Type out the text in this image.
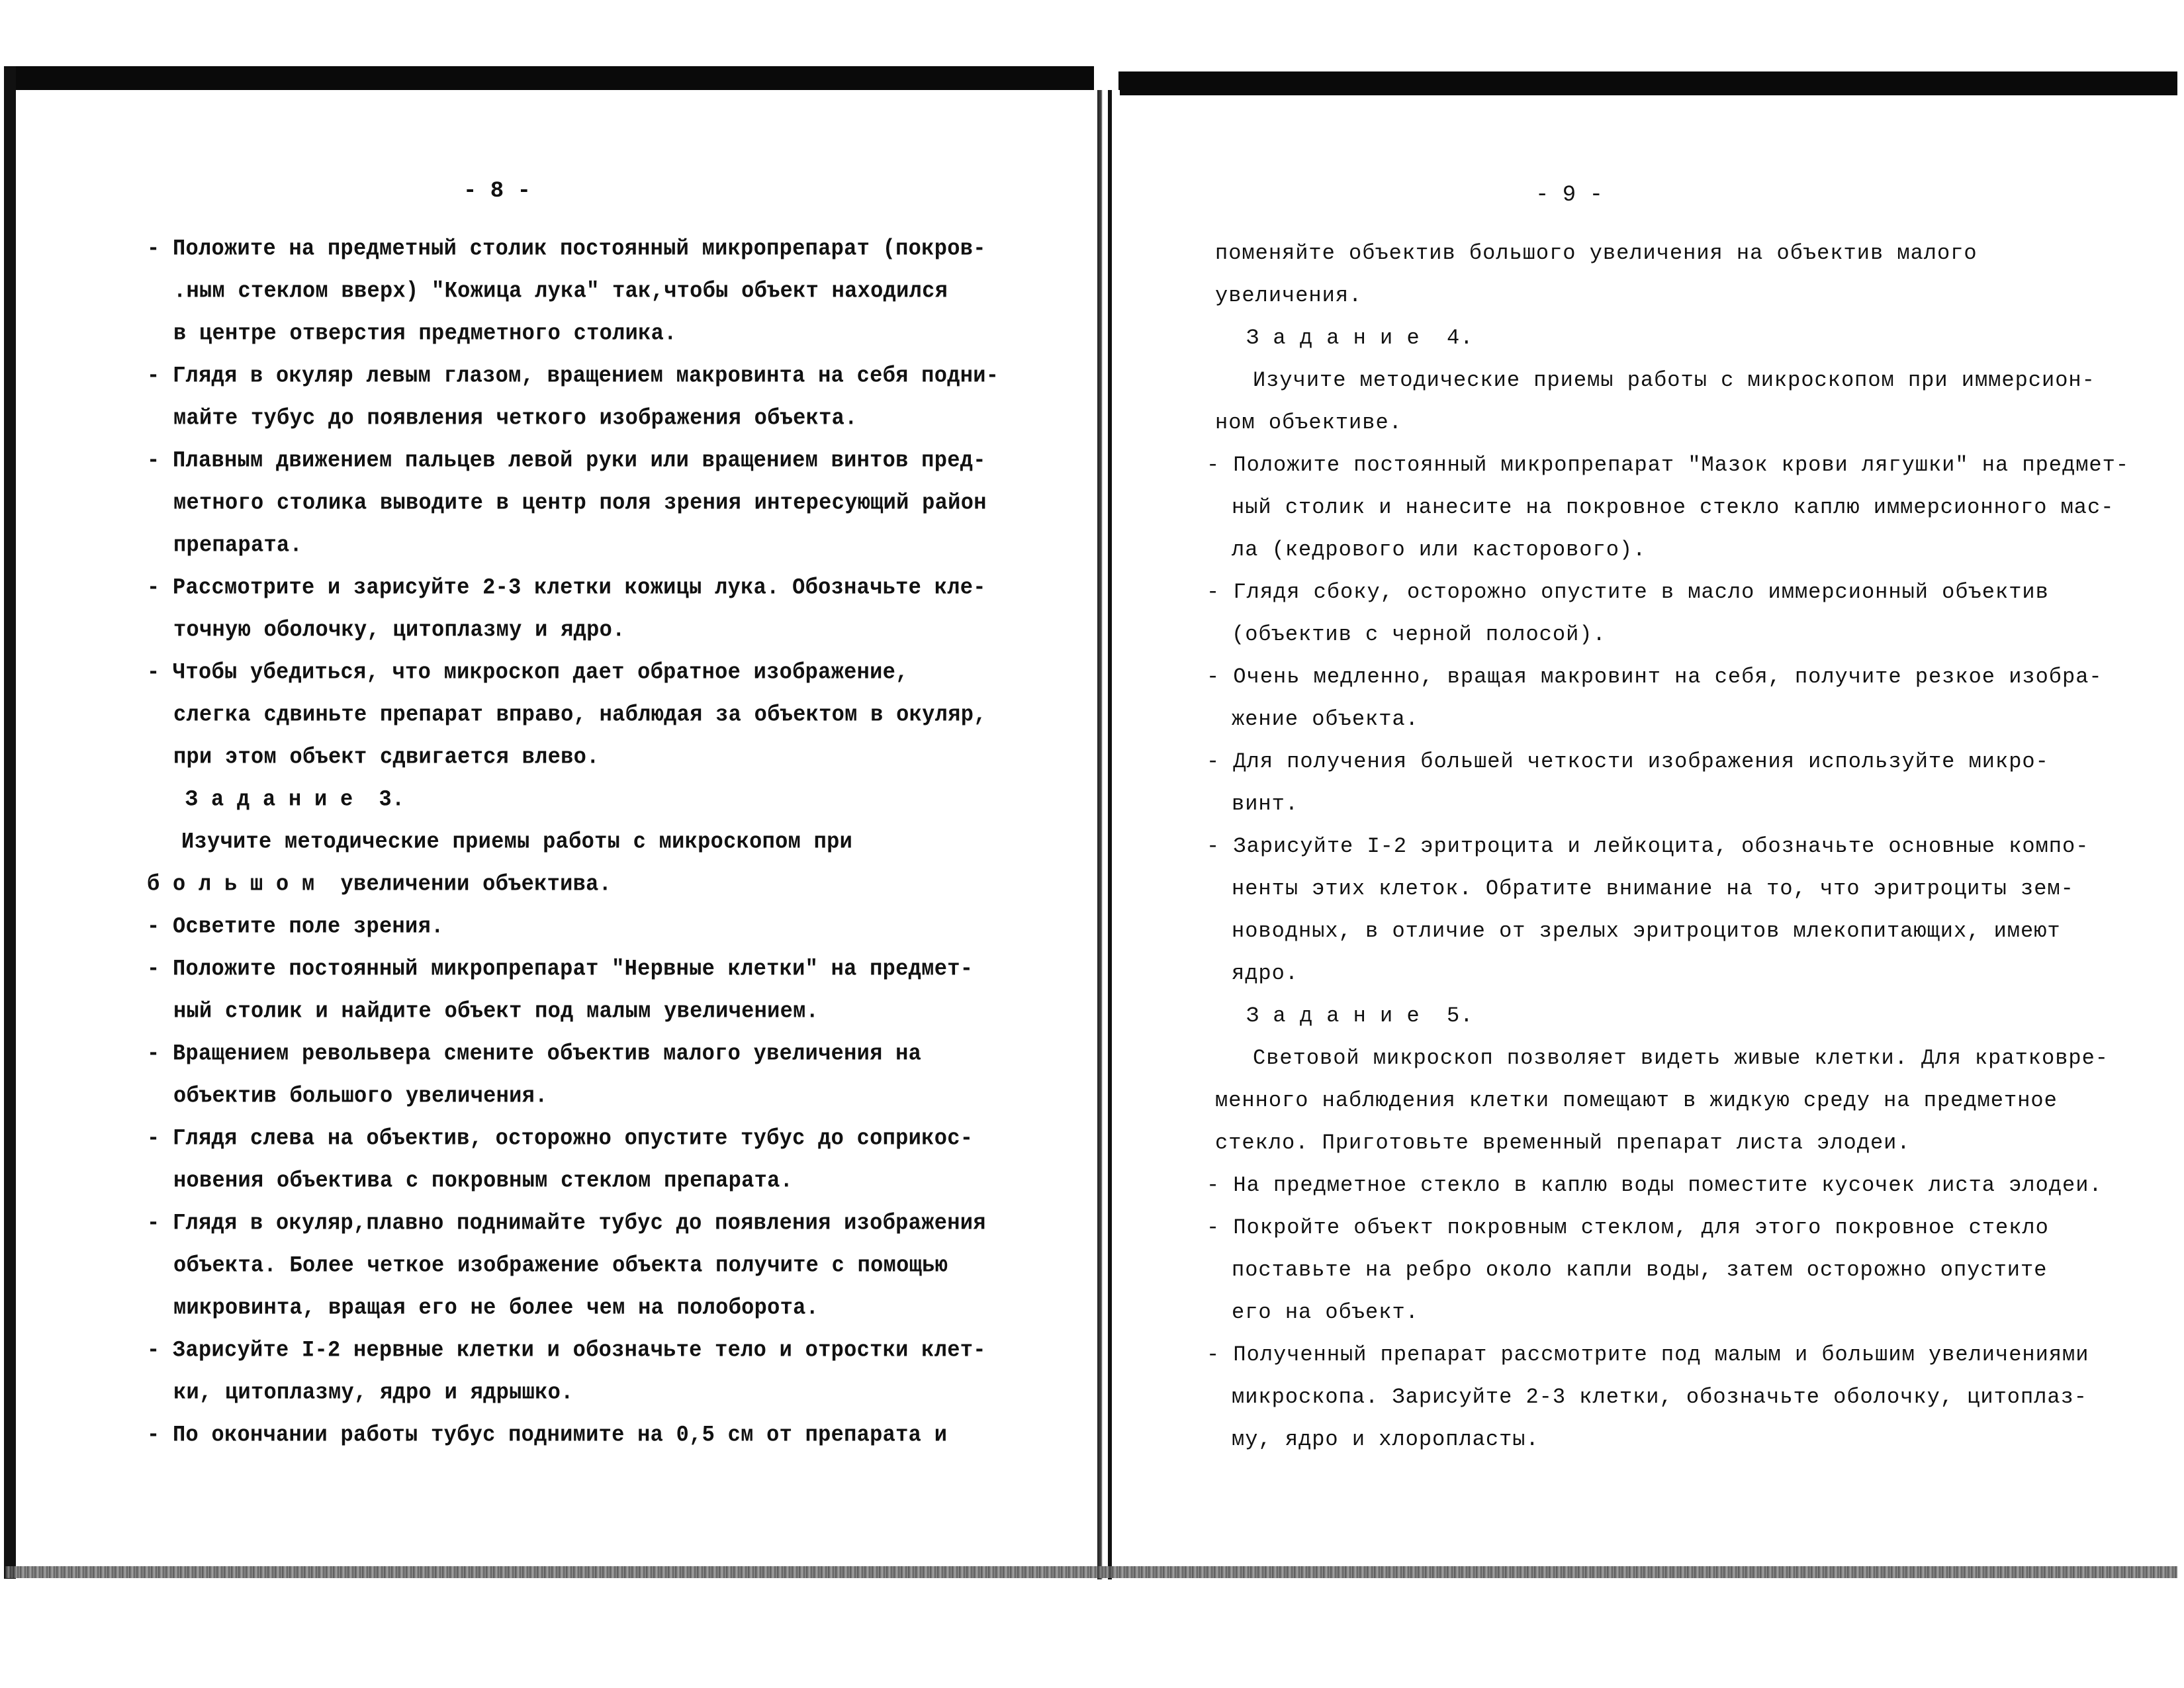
- 8 -	- 9 -
- Положите на предметный столик постоянный микропрепарат (покров-
.ным стеклом вверх) "Кожица лука" так,чтобы объект находился
в центре отверстия предметного столика.
- Глядя в окуляр левым глазом, вращением макровинта на себя подни-
майте тубус до появления четкого изображения объекта.
- Плавным движением пальцев левой руки или вращением винтов пред-
метного столика выводите в центр поля зрения интересующий район
препарата.
- Рассмотрите и зарисуйте 2-3 клетки кожицы лука. Обозначьте кле-
точную оболочку, цитоплазму и ядро.
- Чтобы убедиться, что микроскоп дает обратное изображение,
слегка сдвиньте препарат вправо, наблюдая за объектом в окуляр,
при этом объект сдвигается влево.
З а д а н и е  3.
Изучите методические приемы работы с микроскопом при
б о л ь ш о м  увеличении объектива.
- Осветите поле зрения.
- Положите постоянный микропрепарат "Нервные клетки" на предмет-
ный столик и найдите объект под малым увеличением.
- Вращением револьвера смените объектив малого увеличения на
объектив большого увеличения.
- Глядя слева на объектив, осторожно опустите тубус до соприкос-
новения объектива с покровным стеклом препарата.
- Глядя в окуляр,плавно поднимайте тубус до появления изображения
объекта. Более четкое изображение объекта получите с помощью
микровинта, вращая его не более чем на полоборота.
- Зарисуйте I-2 нервные клетки и обозначьте тело и отростки клет-
ки, цитоплазму, ядро и ядрышко.
- По окончании работы тубус поднимите на 0,5 см от препарата и
поменяйте объектив большого увеличения на объектив малого
увеличения.
З а д а н и е  4.
Изучите методические приемы работы с микроскопом при иммерсион-
ном объективе.
- Положите постоянный микропрепарат "Мазок крови лягушки" на предмет-
ный столик и нанесите на покровное стекло каплю иммерсионного мас-
ла (кедрового или касторового).
- Глядя сбоку, осторожно опустите в масло иммерсионный объектив
(объектив с черной полосой).
- Очень медленно, вращая макровинт на себя, получите резкое изобра-
жение объекта.
- Для получения большей четкости изображения используйте микро-
винт.
- Зарисуйте I-2 эритроцита и лейкоцита, обозначьте основные компо-
ненты этих клеток. Обратите внимание на то, что эритроциты зем-
новодных, в отличие от зрелых эритроцитов млекопитающих, имеют
ядро.
З а д а н и е  5.
Световой микроскоп позволяет видеть живые клетки. Для кратковре-
менного наблюдения клетки помещают в жидкую среду на предметное
стекло. Приготовьте временный препарат листа элодеи.
- На предметное стекло в каплю воды поместите кусочек листа элодеи.
- Покройте объект покровным стеклом, для этого покровное стекло
поставьте на ребро около капли воды, затем осторожно опустите
его на объект.
- Полученный препарат рассмотрите под малым и большим увеличениями
микроскопа. Зарисуйте 2-3 клетки, обозначьте оболочку, цитоплаз-
му, ядро и хлоропласты.
